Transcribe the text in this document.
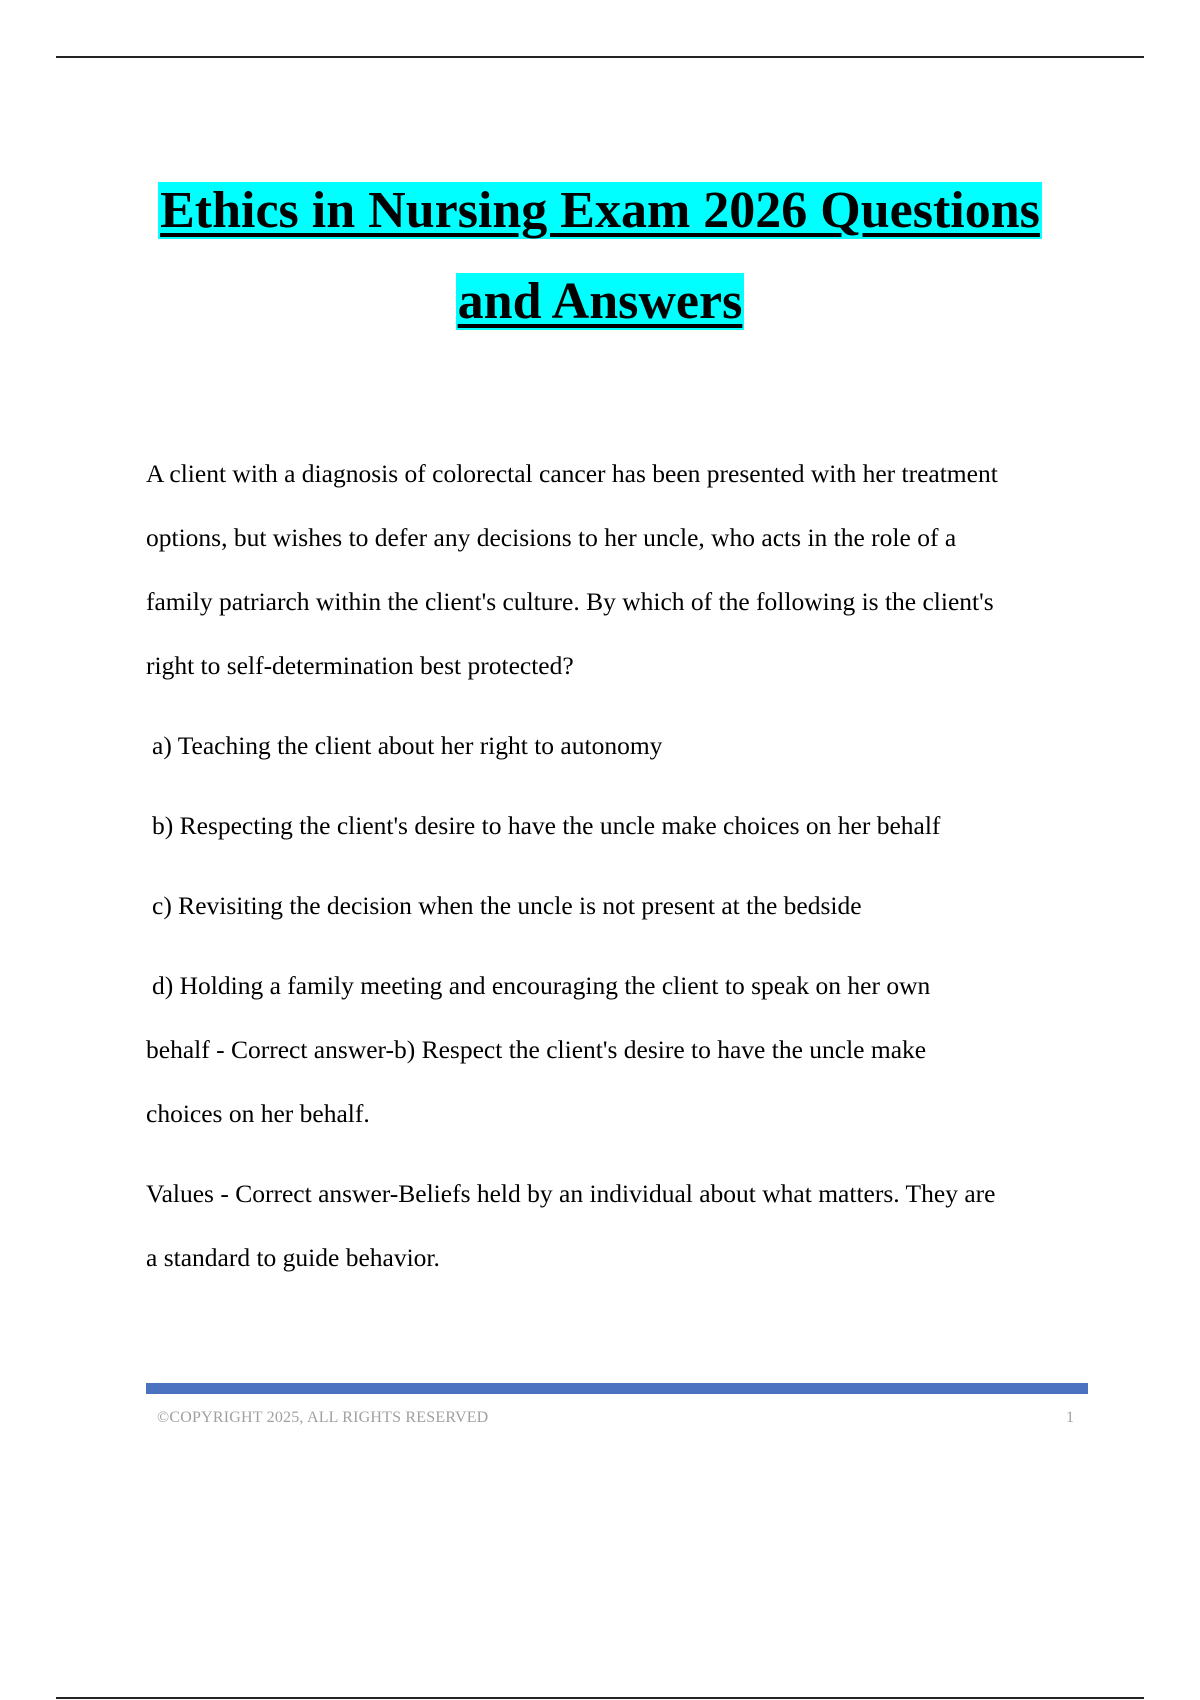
Ethics in Nursing Exam 2026 Questions
and Answers

A client with a diagnosis of colorectal cancer has been presented with her treatment

options, but wishes to defer any decisions to her uncle, who acts in the role of a

family patriarch within the client's culture. By which of the following is the client's

right to self-determination best protected?

a) Teaching the client about her right to autonomy

b) Respecting the client's desire to have the uncle make choices on her behalf

c) Revisiting the decision when the uncle is not present at the bedside

d) Holding a family meeting and encouraging the client to speak on her own

behalf - Correct answer-b) Respect the client's desire to have the uncle make

choices on her behalf.

Values - Correct answer-Beliefs held by an individual about what matters. They are

a standard to guide behavior.

©COPYRIGHT 2025, ALL RIGHTS RESERVED	1
